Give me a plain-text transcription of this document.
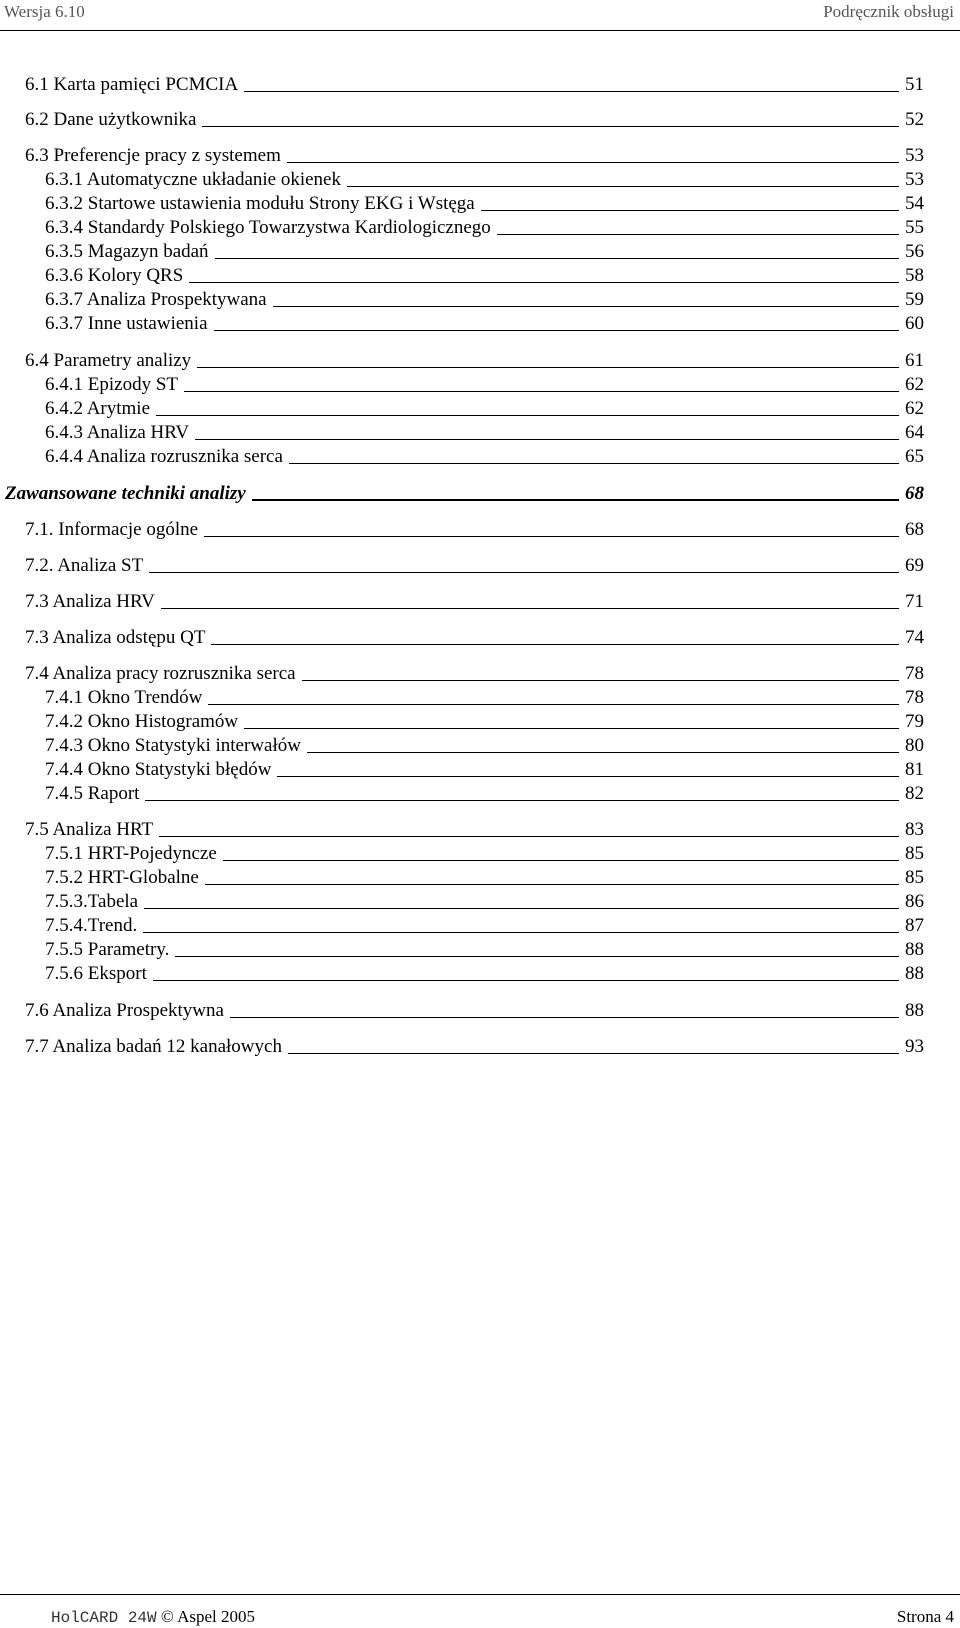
Wersja 6.10	Podręcznik obsługi
6.1 Karta pamięci PCMCIA	51
6.2 Dane użytkownika	52
6.3 Preferencje pracy z systemem	53
6.3.1 Automatyczne układanie okienek	53
6.3.2 Startowe ustawienia modułu Strony EKG i Wstęga	54
6.3.4 Standardy Polskiego Towarzystwa Kardiologicznego	55
6.3.5 Magazyn badań	56
6.3.6 Kolory QRS	58
6.3.7 Analiza Prospektywana	59
6.3.7 Inne ustawienia	60
6.4 Parametry analizy	61
6.4.1 Epizody ST	62
6.4.2 Arytmie	62
6.4.3 Analiza HRV	64
6.4.4 Analiza rozrusznika serca	65
Zawansowane techniki analizy	68
7.1. Informacje ogólne	68
7.2. Analiza ST	69
7.3 Analiza HRV	71
7.3 Analiza odstępu QT	74
7.4 Analiza pracy rozrusznika serca	78
7.4.1 Okno Trendów	78
7.4.2 Okno Histogramów	79
7.4.3 Okno Statystyki interwałów	80
7.4.4 Okno Statystyki błędów	81
7.4.5 Raport	82
7.5 Analiza HRT	83
7.5.1 HRT-Pojedyncze	85
7.5.2 HRT-Globalne	85
7.5.3.Tabela	86
7.5.4.Trend.	87
7.5.5 Parametry.	88
7.5.6 Eksport	88
7.6 Analiza Prospektywna	88
7.7 Analiza badań 12 kanałowych	93
HolCARD 24W © Aspel 2005	Strona 4
